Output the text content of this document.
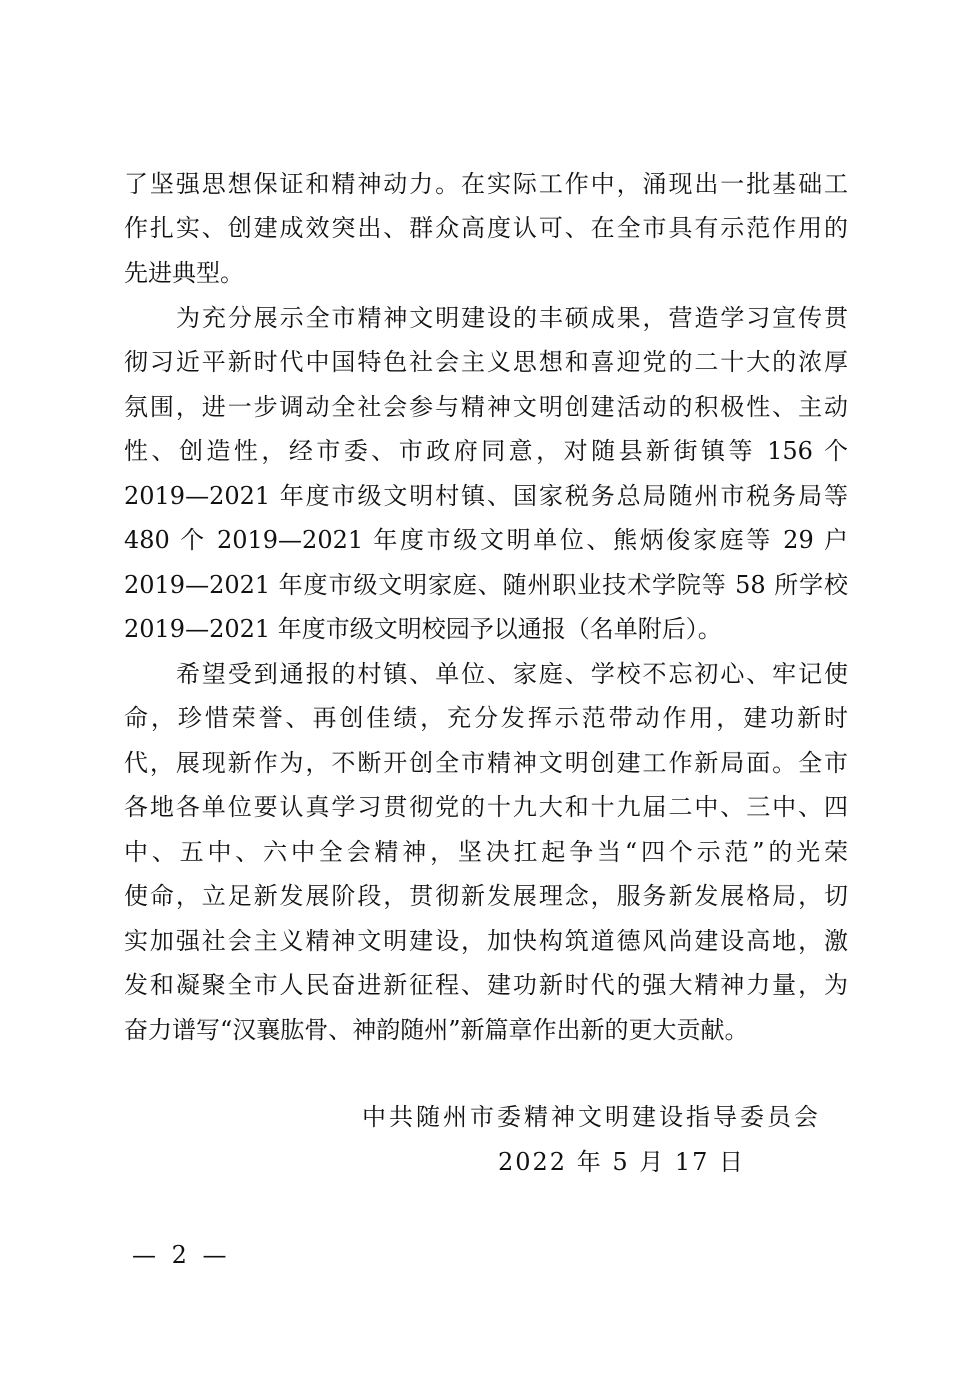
了坚强思想保证和精神动力。在实际工作中，涌现出一批基础工
作扎实、创建成效突出、群众高度认可、在全市具有示范作用的
先进典型。
为充分展示全市精神文明建设的丰硕成果，营造学习宣传贯
彻习近平新时代中国特色社会主义思想和喜迎党的二十大的浓厚
氛围，进一步调动全社会参与精神文明创建活动的积极性、主动
性、创造性，经市委、市政府同意，对随县新街镇等 156 个
2019—2021 年度市级文明村镇、国家税务总局随州市税务局等
480 个 2019—2021 年度市级文明单位、熊炳俊家庭等 29 户
2019—2021 年度市级文明家庭、随州职业技术学院等 58 所学校
2019—2021 年度市级文明校园予以通报（名单附后）。
希望受到通报的村镇、单位、家庭、学校不忘初心、牢记使
命，珍惜荣誉、再创佳绩，充分发挥示范带动作用，建功新时
代，展现新作为，不断开创全市精神文明创建工作新局面。全市
各地各单位要认真学习贯彻党的十九大和十九届二中、三中、四
中、五中、六中全会精神，坚决扛起争当“四个示范”的光荣
使命，立足新发展阶段，贯彻新发展理念，服务新发展格局，切
实加强社会主义精神文明建设，加快构筑道德风尚建设高地，激
发和凝聚全市人民奋进新征程、建功新时代的强大精神力量，为
奋力谱写“汉襄肱骨、神韵随州”新篇章作出新的更大贡献。
中共随州市委精神文明建设指导委员会
2022 年 5 月 17 日
— 2 —
